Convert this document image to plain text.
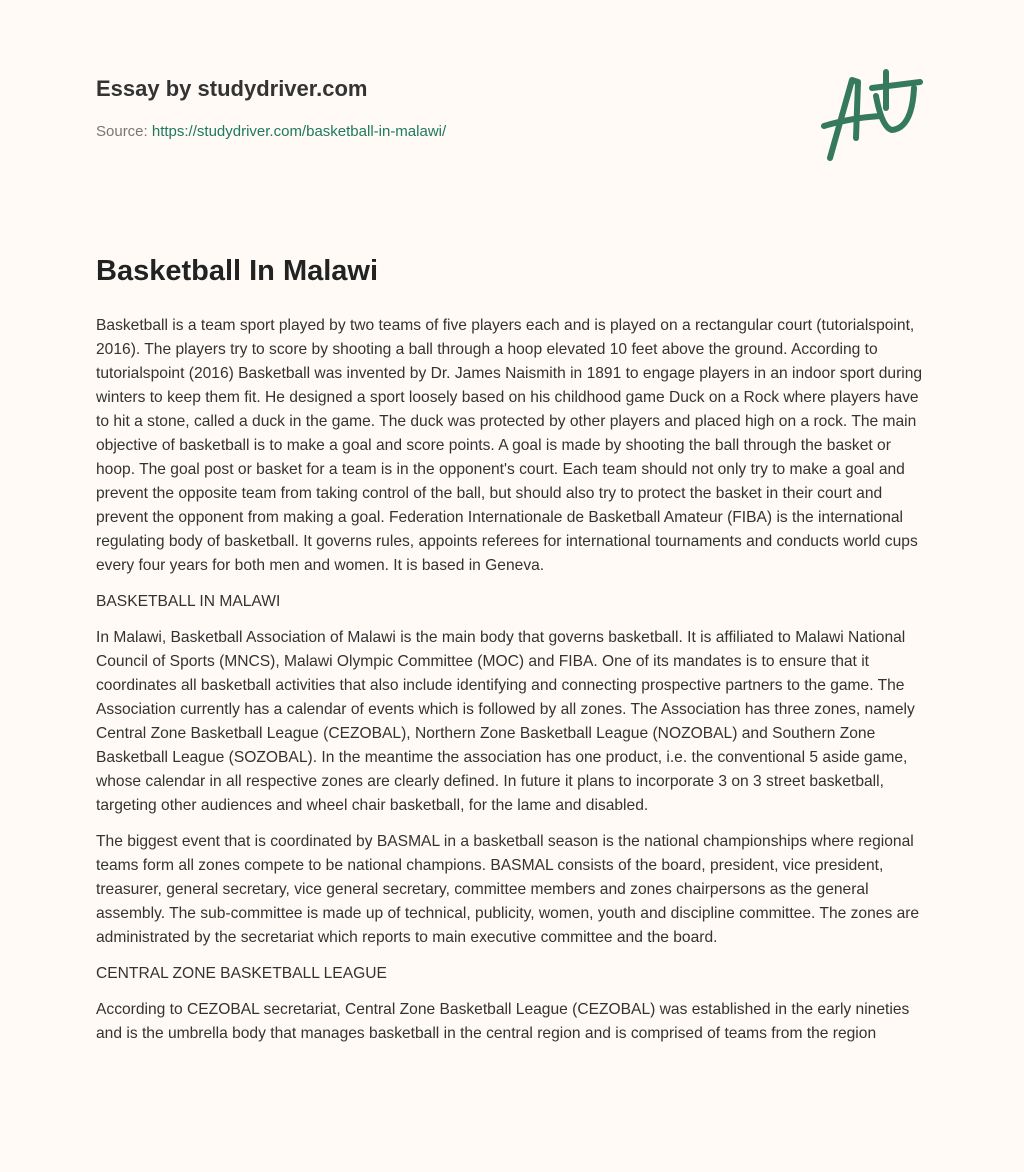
Essay by studydriver.com
Source: https://studydriver.com/basketball-in-malawi/
Basketball In Malawi

Basketball is a team sport played by two teams of five players each and is played on a rectangular court (tutorialspoint, 2016). The players try to score by shooting a ball through a hoop elevated 10 feet above the ground. According to tutorialspoint (2016) Basketball was invented by Dr. James Naismith in 1891 to engage players in an indoor sport during winters to keep them fit. He designed a sport loosely based on his childhood game Duck on a Rock where players have to hit a stone, called a duck in the game. The duck was protected by other players and placed high on a rock. The main objective of basketball is to make a goal and score points. A goal is made by shooting the ball through the basket or hoop. The goal post or basket for a team is in the opponent's court. Each team should not only try to make a goal and prevent the opposite team from taking control of the ball, but should also try to protect the basket in their court and prevent the opponent from making a goal. Federation Internationale de Basketball Amateur (FIBA) is the international regulating body of basketball. It governs rules, appoints referees for international tournaments and conducts world cups every four years for both men and women. It is based in Geneva.

BASKETBALL IN MALAWI

In Malawi, Basketball Association of Malawi is the main body that governs basketball. It is affiliated to Malawi National Council of Sports (MNCS), Malawi Olympic Committee (MOC) and FIBA. One of its mandates is to ensure that it coordinates all basketball activities that also include identifying and connecting prospective partners to the game. The Association currently has a calendar of events which is followed by all zones. The Association has three zones, namely Central Zone Basketball League (CEZOBAL), Northern Zone Basketball League (NOZOBAL) and Southern Zone Basketball League (SOZOBAL). In the meantime the association has one product, i.e. the conventional 5 aside game, whose calendar in all respective zones are clearly defined. In future it plans to incorporate 3 on 3 street basketball, targeting other audiences and wheel chair basketball, for the lame and disabled.

The biggest event that is coordinated by BASMAL in a basketball season is the national championships where regional teams form all zones compete to be national champions. BASMAL consists of the board, president, vice president, treasurer, general secretary, vice general secretary, committee members and zones chairpersons as the general assembly. The sub-committee is made up of technical, publicity, women, youth and discipline committee. The zones are administrated by the secretariat which reports to main executive committee and the board.

CENTRAL ZONE BASKETBALL LEAGUE

According to CEZOBAL secretariat, Central Zone Basketball League (CEZOBAL) was established in the early nineties and is the umbrella body that manages basketball in the central region and is comprised of teams from the region
